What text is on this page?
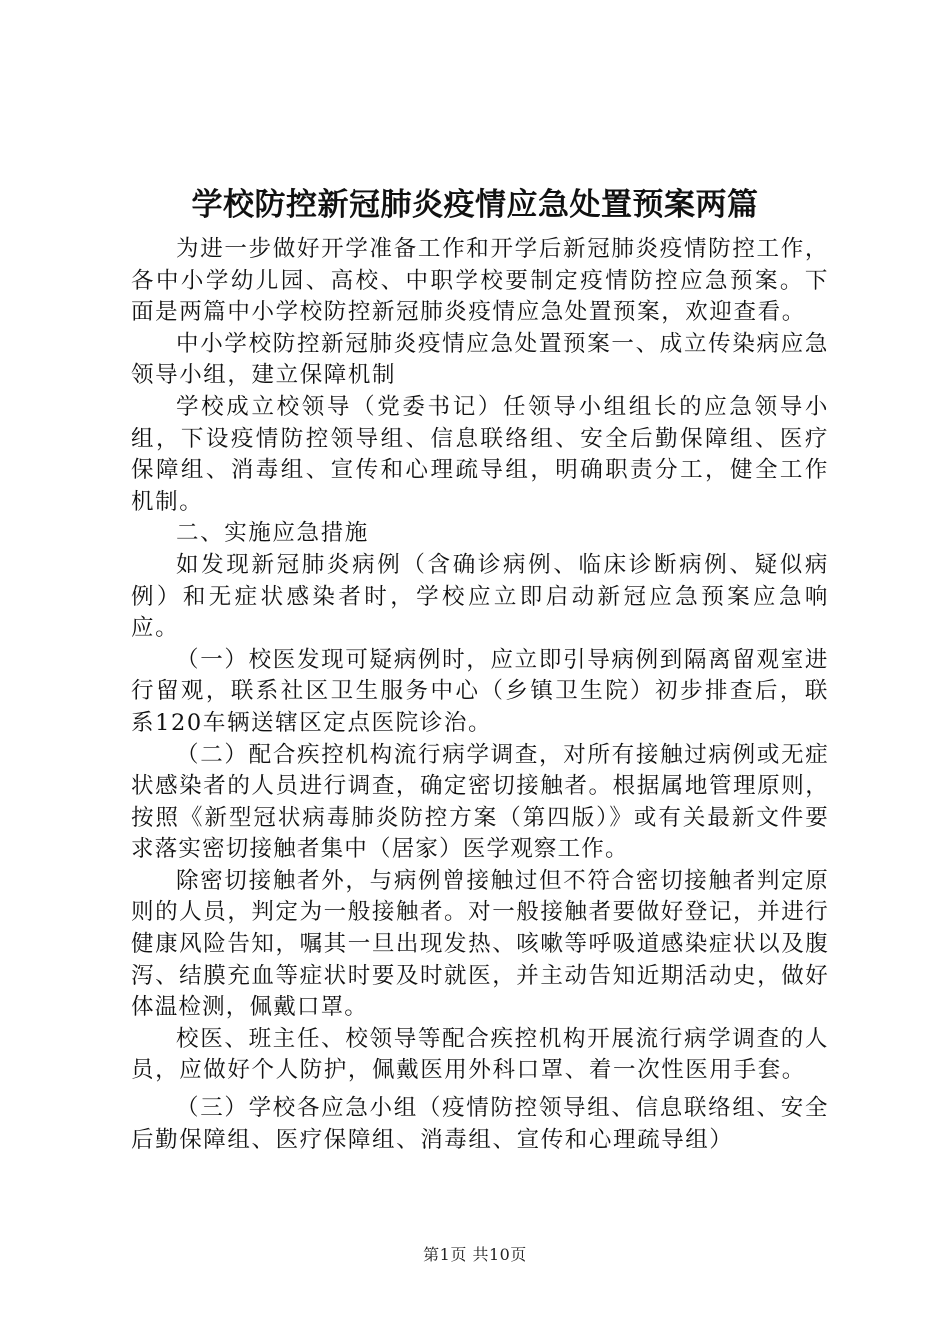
学校防控新冠肺炎疫情应急处置预案两篇

为进一步做好开学准备工作和开学后新冠肺炎疫情防控工作，各中小学幼儿园、高校、中职学校要制定疫情防控应急预案。下面是两篇中小学校防控新冠肺炎疫情应急处置预案，欢迎查看。

中小学校防控新冠肺炎疫情应急处置预案一、成立传染病应急领导小组，建立保障机制

学校成立校领导（党委书记）任领导小组组长的应急领导小组，下设疫情防控领导组、信息联络组、安全后勤保障组、医疗保障组、消毒组、宣传和心理疏导组，明确职责分工，健全工作机制。

二、实施应急措施

如发现新冠肺炎病例（含确诊病例、临床诊断病例、疑似病例）和无症状感染者时，学校应立即启动新冠应急预案应急响应。

（一）校医发现可疑病例时，应立即引导病例到隔离留观室进行留观，联系社区卫生服务中心（乡镇卫生院）初步排查后，联系120车辆送辖区定点医院诊治。

（二）配合疾控机构流行病学调查，对所有接触过病例或无症状感染者的人员进行调查，确定密切接触者。根据属地管理原则，按照《新型冠状病毒肺炎防控方案（第四版）》或有关最新文件要求落实密切接触者集中（居家）医学观察工作。

除密切接触者外，与病例曾接触过但不符合密切接触者判定原则的人员，判定为一般接触者。对一般接触者要做好登记，并进行健康风险告知，嘱其一旦出现发热、咳嗽等呼吸道感染症状以及腹泻、结膜充血等症状时要及时就医，并主动告知近期活动史，做好体温检测，佩戴口罩。

校医、班主任、校领导等配合疾控机构开展流行病学调查的人员，应做好个人防护，佩戴医用外科口罩、着一次性医用手套。

（三）学校各应急小组（疫情防控领导组、信息联络组、安全后勤保障组、医疗保障组、消毒组、宣传和心理疏导组）

第1页 共10页
